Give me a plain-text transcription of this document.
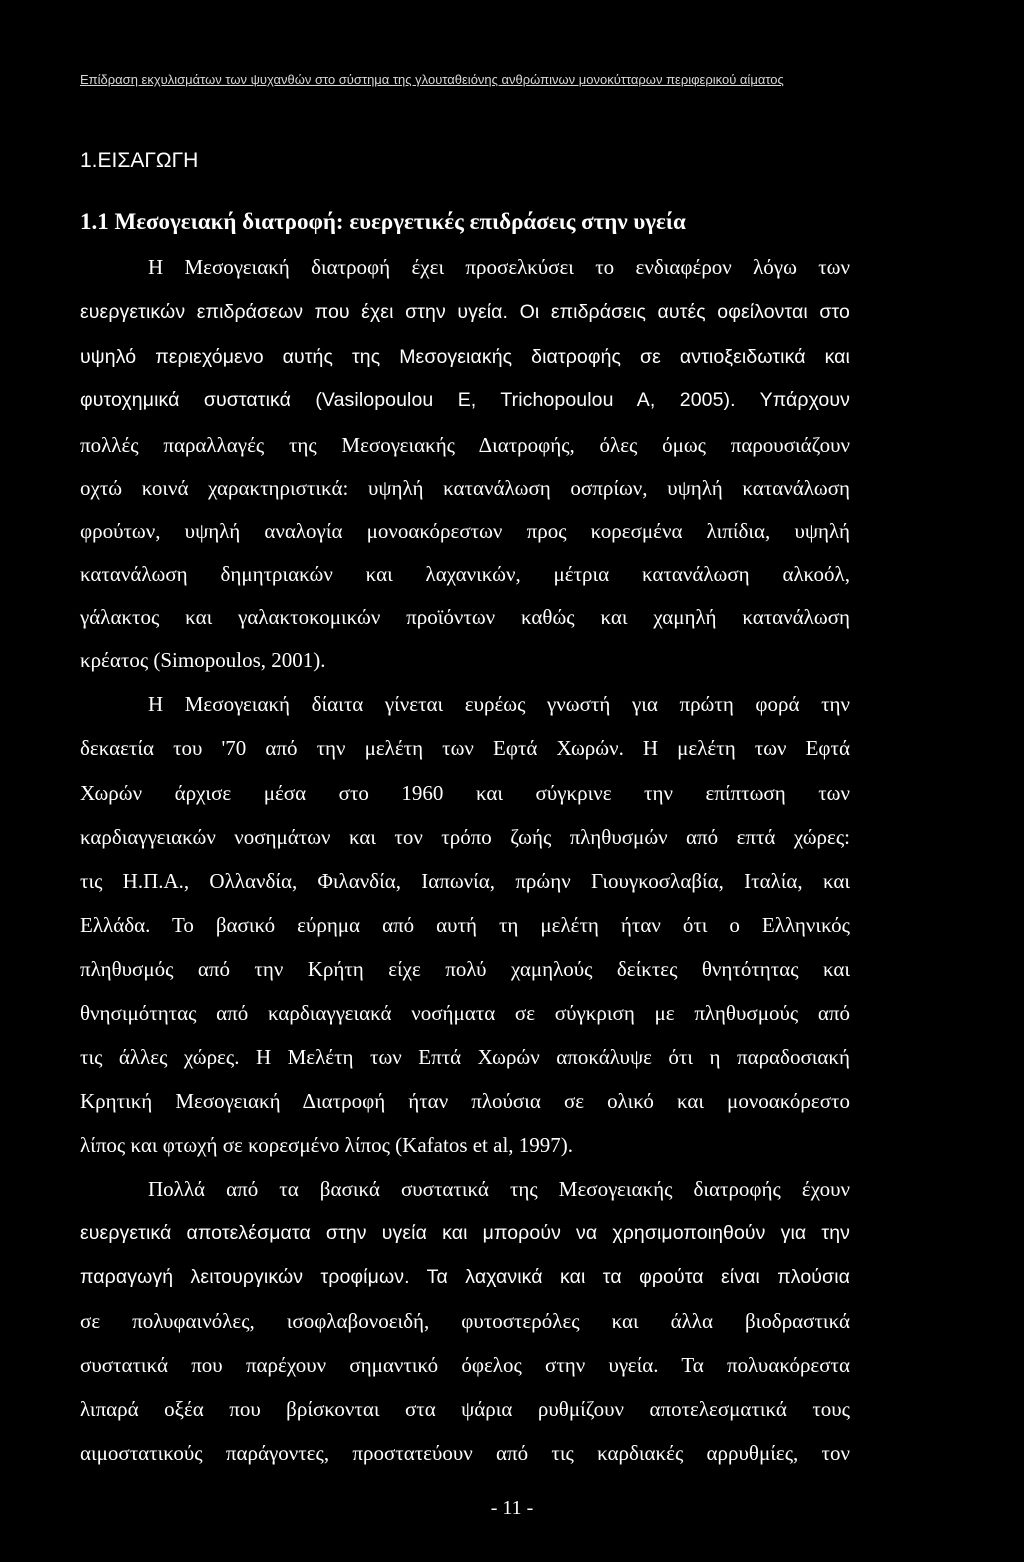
Επίδραση εκχυλισμάτων των ψυχανθών στο σύστημα της γλουταθειόνης ανθρώπινων μονοκύτταρων περιφερικού αίματος
1.ΕΙΣΑΓΩΓΗ
1.1 Μεσογειακή διατροφή: ευεργετικές επιδράσεις στην υγεία
Η Μεσογειακή διατροφή έχει προσελκύσει το ενδιαφέρον λόγω των
ευεργετικών επιδράσεων που έχει στην υγεία. Οι επιδράσεις αυτές οφείλονται στο
υψηλό περιεχόμενο αυτής της Μεσογειακής διατροφής σε αντιοξειδωτικά και
φυτοχημικά συστατικά (Vasilopoulou E, Trichopoulou A, 2005). Υπάρχουν
πολλές παραλλαγές της Μεσογειακής Διατροφής, όλες όμως παρουσιάζουν
οχτώ κοινά χαρακτηριστικά: υψηλή κατανάλωση οσπρίων, υψηλή κατανάλωση
φρούτων, υψηλή αναλογία μονοακόρεστων προς κορεσμένα λιπίδια, υψηλή
κατανάλωση δημητριακών και λαχανικών, μέτρια κατανάλωση αλκοόλ,
γάλακτος και γαλακτοκομικών προϊόντων καθώς και χαμηλή κατανάλωση
κρέατος (Simopoulos, 2001).
Η Μεσογειακή δίαιτα γίνεται ευρέως γνωστή για πρώτη φορά την
δεκαετία του '70 από την μελέτη των Εφτά Χωρών. Η μελέτη των Εφτά
Χωρών άρχισε μέσα στο 1960 και σύγκρινε την επίπτωση των
καρδιαγγειακών νοσημάτων και τον τρόπο ζωής πληθυσμών από επτά χώρες:
τις Η.Π.Α., Ολλανδία, Φιλανδία, Ιαπωνία, πρώην Γιουγκοσλαβία, Ιταλία, και
Ελλάδα. Το βασικό εύρημα από αυτή τη μελέτη ήταν ότι ο Ελληνικός
πληθυσμός από την Κρήτη είχε πολύ χαμηλούς δείκτες θνητότητας και
θνησιμότητας από καρδιαγγειακά νοσήματα σε σύγκριση με πληθυσμούς από
τις άλλες χώρες. Η Μελέτη των Επτά Χωρών αποκάλυψε ότι η παραδοσιακή
Κρητική Μεσογειακή Διατροφή ήταν πλούσια σε ολικό και μονοακόρεστο
λίπος και φτωχή σε κορεσμένο λίπος (Kafatos et al, 1997).
Πολλά από τα βασικά συστατικά της Μεσογειακής διατροφής έχουν
ευεργετικά αποτελέσματα στην υγεία και μπορούν να χρησιμοποιηθούν για την
παραγωγή λειτουργικών τροφίμων. Τα λαχανικά και τα φρούτα είναι πλούσια
σε πολυφαινόλες, ισοφλαβονοειδή, φυτοστερόλες και άλλα βιοδραστικά
συστατικά που παρέχουν σημαντικό όφελος στην υγεία. Τα πολυακόρεστα
λιπαρά οξέα που βρίσκονται στα ψάρια ρυθμίζουν αποτελεσματικά τους
αιμοστατικούς παράγοντες, προστατεύουν από τις καρδιακές αρρυθμίες, τον
- 11 -
